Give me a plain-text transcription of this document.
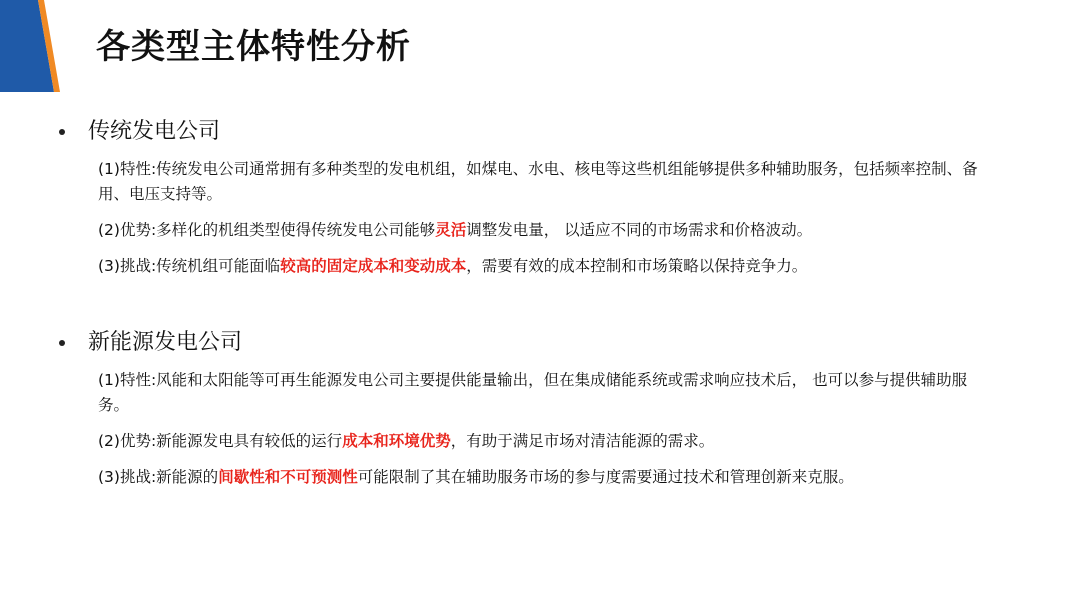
各类型主体特性分析
传统发电公司
(1)特性:传统发电公司通常拥有多种类型的发电机组，如煤电、水电、核电等这些机组能够提供多种辅助服务，包括频率控制、备用、电压支持等。
(2)优势:多样化的机组类型使得传统发电公司能够灵活调整发电量， 以适应不同的市场需求和价格波动。
(3)挑战:传统机组可能面临较高的固定成本和变动成本，需要有效的成本控制和市场策略以保持竞争力。
新能源发电公司
(1)特性:风能和太阳能等可再生能源发电公司主要提供能量输出，但在集成储能系统或需求响应技术后， 也可以参与提供辅助服务。
(2)优势:新能源发电具有较低的运行成本和环境优势，有助于满足市场对清洁能源的需求。
(3)挑战:新能源的间歇性和不可预测性可能限制了其在辅助服务市场的参与度需要通过技术和管理创新来克服。
